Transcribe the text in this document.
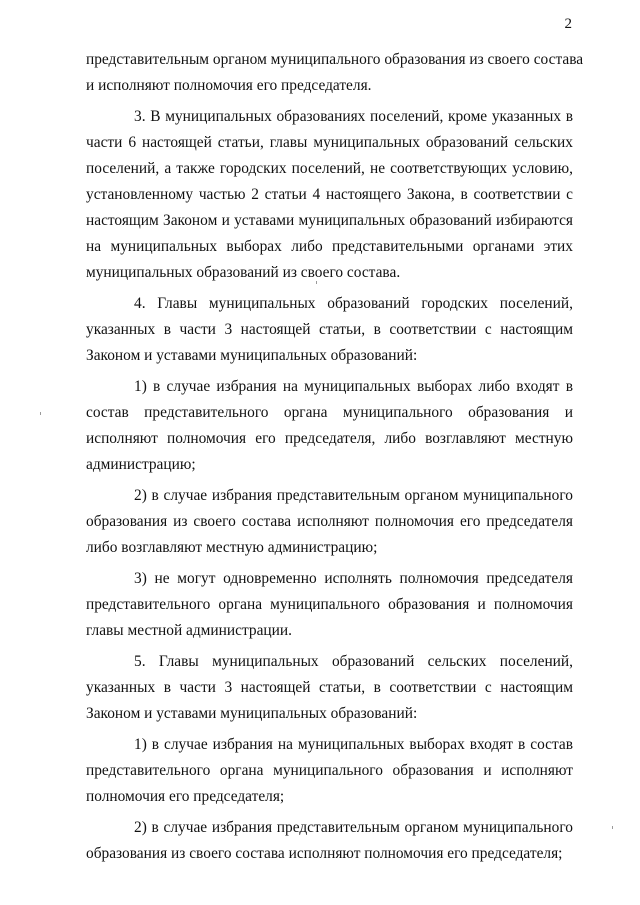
2

представительным органом муниципального образования из своего состава
и исполняют полномочия его председателя.

3. В муниципальных образованиях поселений, кроме указанных в
части 6 настоящей статьи, главы муниципальных образований сельских
поселений, а также городских поселений, не соответствующих условию,
установленному частью 2 статьи 4 настоящего Закона, в соответствии с
настоящим Законом и уставами муниципальных образований избираются
на муниципальных выборах либо представительными органами этих
муниципальных образований из своего состава.

4. Главы муниципальных образований городских поселений,
указанных в части 3 настоящей статьи, в соответствии с настоящим
Законом и уставами муниципальных образований:

1) в случае избрания на муниципальных выборах либо входят в
состав представительного органа муниципального образования и
исполняют полномочия его председателя, либо возглавляют местную
администрацию;

2) в случае избрания представительным органом муниципального
образования из своего состава исполняют полномочия его председателя
либо возглавляют местную администрацию;

3) не могут одновременно исполнять полномочия председателя
представительного органа муниципального образования и полномочия
главы местной администрации.

5. Главы муниципальных образований сельских поселений,
указанных в части 3 настоящей статьи, в соответствии с настоящим
Законом и уставами муниципальных образований:

1) в случае избрания на муниципальных выборах входят в состав
представительного органа муниципального образования и исполняют
полномочия его председателя;

2) в случае избрания представительным органом муниципального
образования из своего состава исполняют полномочия его председателя;
